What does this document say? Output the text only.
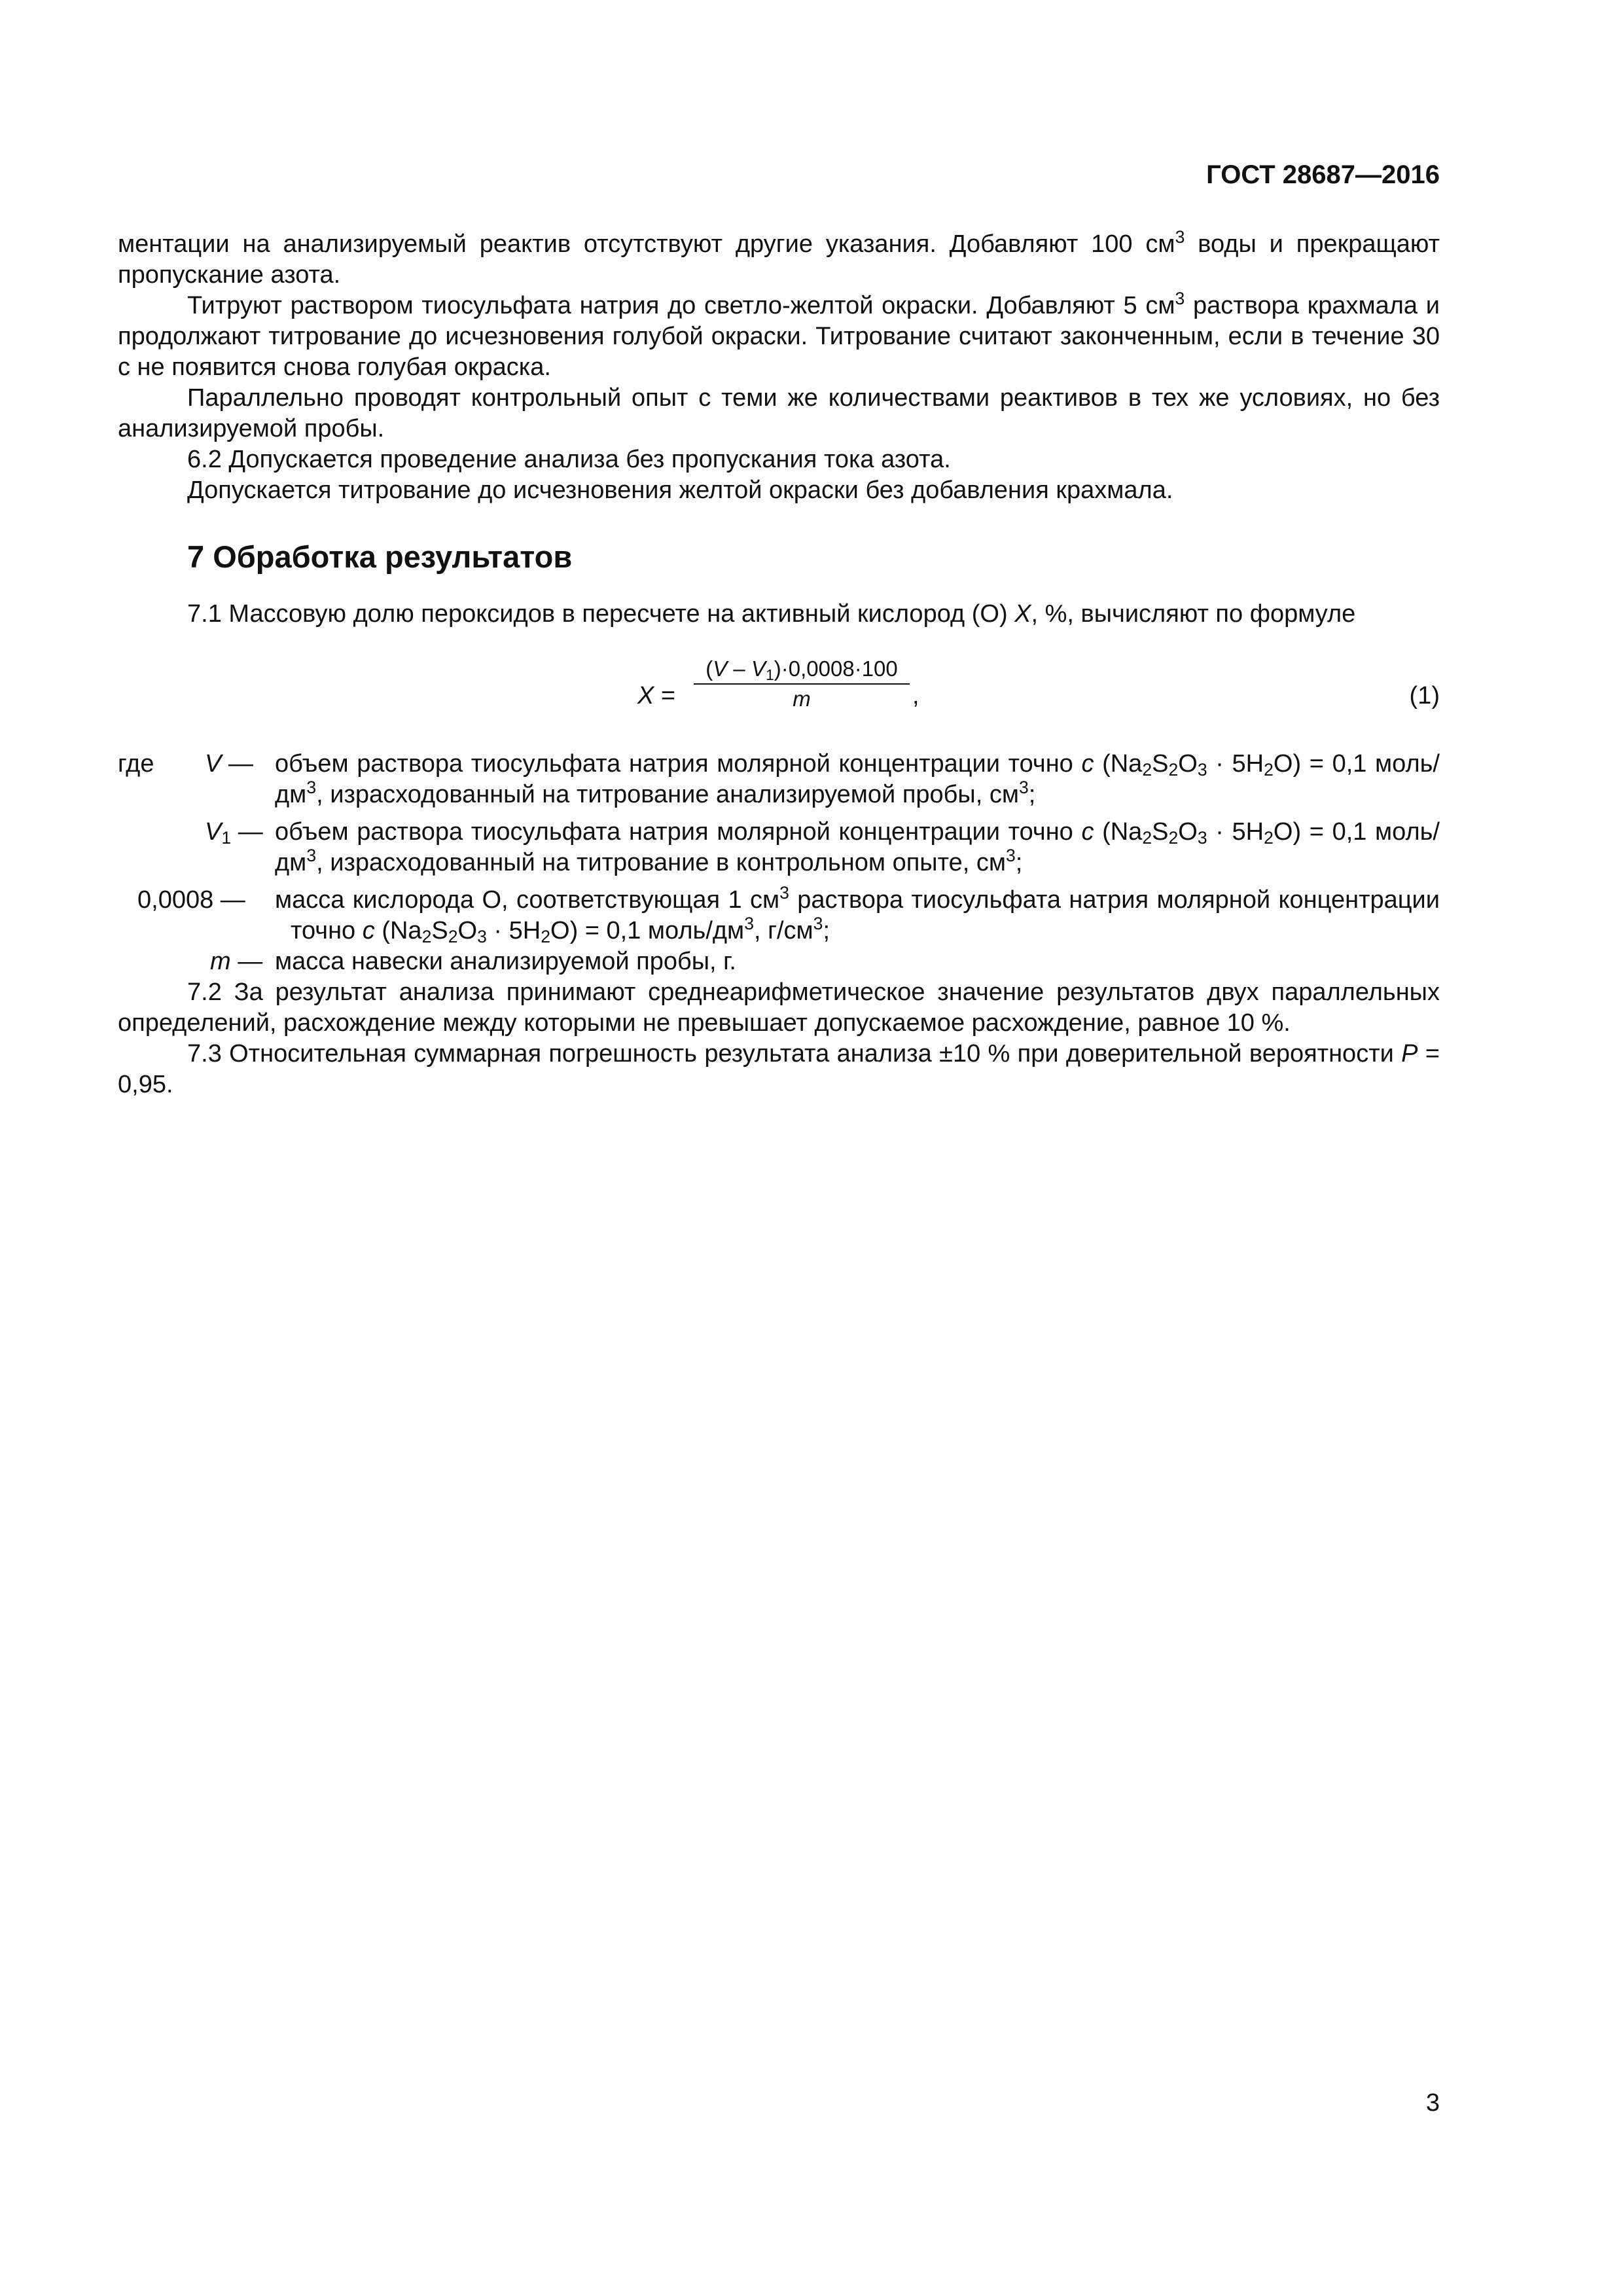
ГОСТ 28687—2016

ментации на анализируемый реактив отсутствуют другие указания. Добавляют 100 $см^3$ воды и прекращают пропускание азота.

Титруют раствором тиосульфата натрия до светло-желтой окраски. Добавляют 5 $см^3$ раствора крахмала и продолжают титрование до исчезновения голубой окраски. Титрование считают законченным, если в течение 30 с не появится снова голубая окраска.

Параллельно проводят контрольный опыт с теми же количествами реактивов в тех же условиях, но без анализируемой пробы.

6.2 Допускается проведение анализа без пропускания тока азота.

Допускается титрование до исчезновения желтой окраски без добавления крахмала.

7 Обработка результатов

7.1 Массовую долю пероксидов в пересчете на активный кислород (О) X, %, вычисляют по формуле

$X = \frac{(V - V_1)\cdot 0,0008\cdot 100}{m}$ ,	(1)

где V — объем раствора тиосульфата натрия молярной концентрации точно c $(Na_2S_2O_3 \cdot 5H_2O) = 0,1$ моль/$дм^3$, израсходованный на титрование анализируемой пробы, $см^3$;

$V_1$ — объем раствора тиосульфата натрия молярной концентрации точно c $(Na_2S_2O_3 \cdot 5H_2O) = 0,1$ моль/$дм^3$, израсходованный на титрование в контрольном опыте, $см^3$;

0,0008 — масса кислорода О, соответствующая 1 $см^3$ раствора тиосульфата натрия молярной концентрации точно c $(Na_2S_2O_3 \cdot 5H_2O) = 0,1$ моль/$дм^3$, $г/см^3$;

m — масса навески анализируемой пробы, г.

7.2 За результат анализа принимают среднеарифметическое значение результатов двух параллельных определений, расхождение между которыми не превышает допускаемое расхождение, равное 10 %.

7.3 Относительная суммарная погрешность результата анализа ±10 % при доверительной вероятности P = 0,95.

3
